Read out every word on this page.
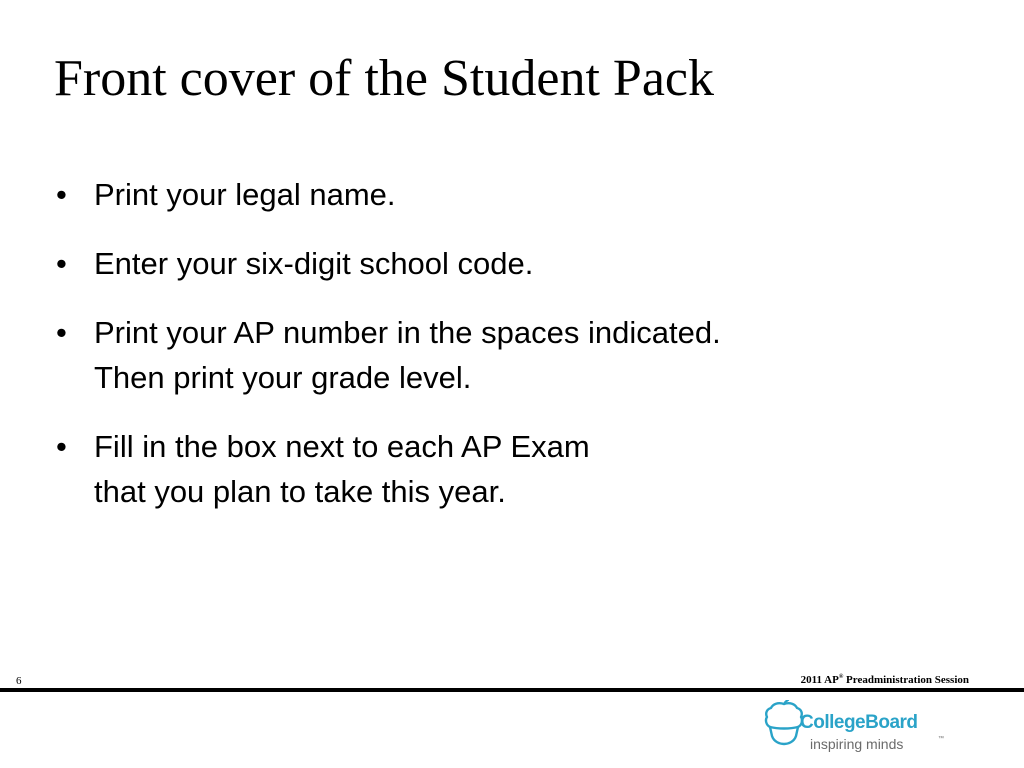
Front cover of the Student Pack
• Print your legal name.
• Enter your six-digit school code.
• Print your AP number in the spaces indicated.
Then print your grade level.
• Fill in the box next to each AP Exam
that you plan to take this year.
6	2011 AP® Preadministration Session
CollegeBoard
inspiring minds	™
